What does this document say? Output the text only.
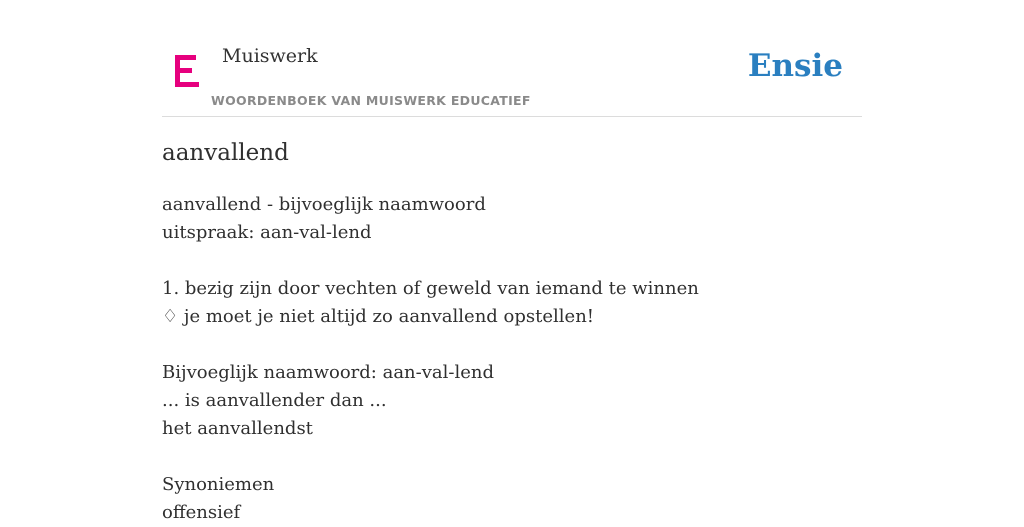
Muiswerk
WOORDENBOEK VAN MUISWERK EDUCATIEF
Ensie
aanvallend
aanvallend - bijvoeglijk naamwoord
uitspraak: aan-val-lend
1. bezig zijn door vechten of geweld van iemand te winnen
♢ je moet je niet altijd zo aanvallend opstellen!
Bijvoeglijk naamwoord: aan-val-lend
... is aanvallender dan ...
het aanvallendst
Synoniemen
offensief
